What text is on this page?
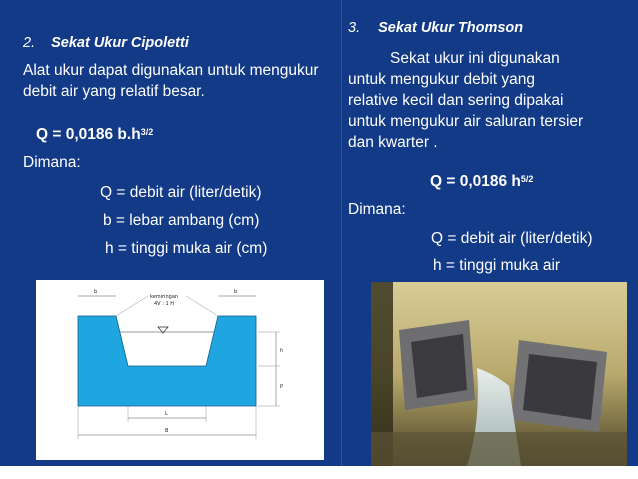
2. Sekat Ukur Cipoletti
Alat ukur dapat digunakan untuk mengukur debit air yang relatif besar.
Q = 0,0186 $b.h^{3/2}$
Dimana:
Q = debit air (liter/detik)
b = lebar ambang (cm)
h = tinggi muka air (cm)
3. Sekat Ukur Thomson
Sekat ukur ini digunakan
untuk mengukur debit yang
relative kecil dan sering dipakai
untuk mengukur air saluran tersier
dan kwarter .
Q = 0,0186 $h^{5/2}$
Dimana:
Q = debit air (liter/detik)
h = tinggi muka air
b	b
kemiringan
4V : 1 H
h
P
L
B
